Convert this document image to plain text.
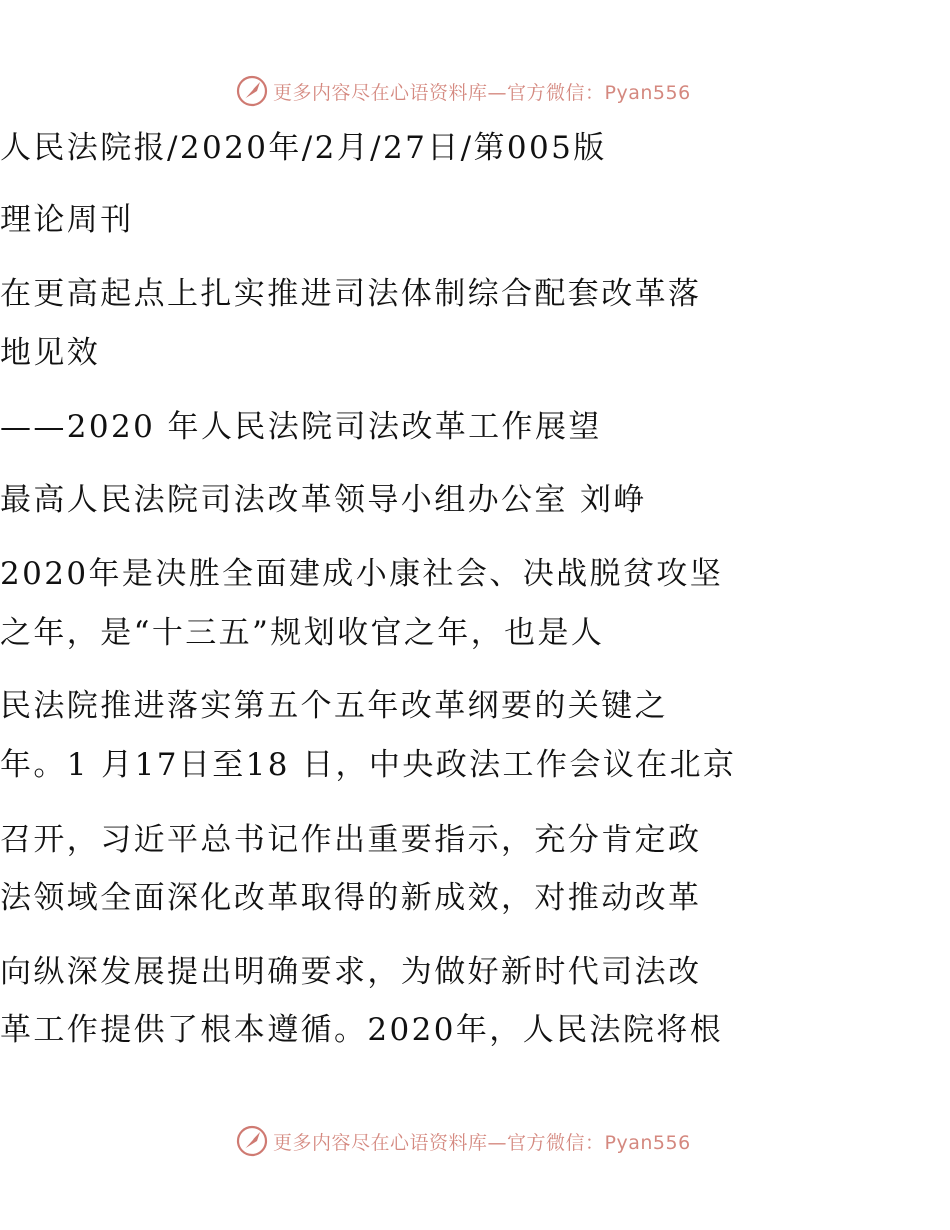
更多内容尽在心语资料库—官方微信：Pyan556
人民法院报/2020年/2月/27日/第005版
理论周刊
在更高起点上扎实推进司法体制综合配套改革落
地见效
——2020 年人民法院司法改革工作展望
最高人民法院司法改革领导小组办公室 刘峥
2020年是决胜全面建成小康社会、决战脱贫攻坚
之年，是“十三五”规划收官之年，也是人
民法院推进落实第五个五年改革纲要的关键之
年。1 月17日至18 日，中央政法工作会议在北京
召开，习近平总书记作出重要指示，充分肯定政
法领域全面深化改革取得的新成效，对推动改革
向纵深发展提出明确要求，为做好新时代司法改
革工作提供了根本遵循。2020年，人民法院将根
更多内容尽在心语资料库—官方微信：Pyan556
